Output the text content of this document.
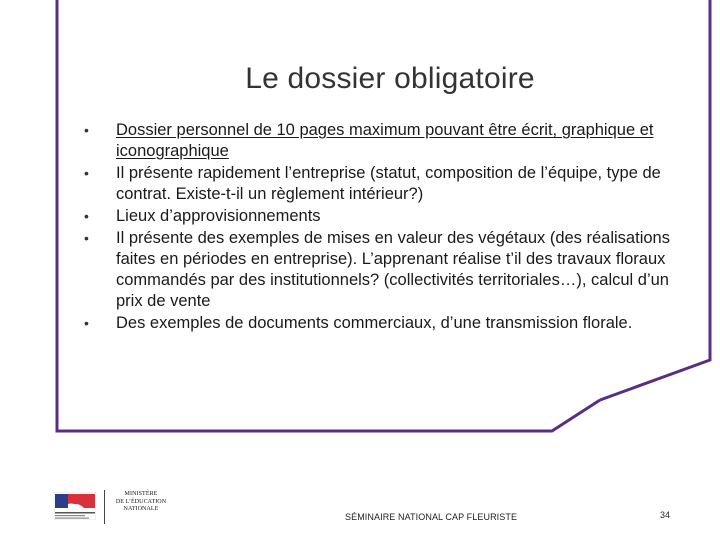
Le dossier obligatoire
•	Dossier personnel de 10 pages maximum pouvant être écrit, graphique et iconographique
•	Il présente rapidement l’entreprise (statut, composition de l’équipe, type de contrat. Existe-t-il un règlement intérieur?)
•	Lieux d’approvisionnements
•	Il présente des exemples de mises en valeur des végétaux (des réalisations faites en périodes en entreprise). L’apprenant réalise t’il des travaux floraux commandés par des institutionnels? (collectivités territoriales…), calcul d’un prix de vente
•	Des exemples de documents commerciaux, d’une transmission florale.
MINISTÈRE
DE L’ÉDUCATION
NATIONALE
SÉMINAIRE NATIONAL CAP FLEURISTE	34
